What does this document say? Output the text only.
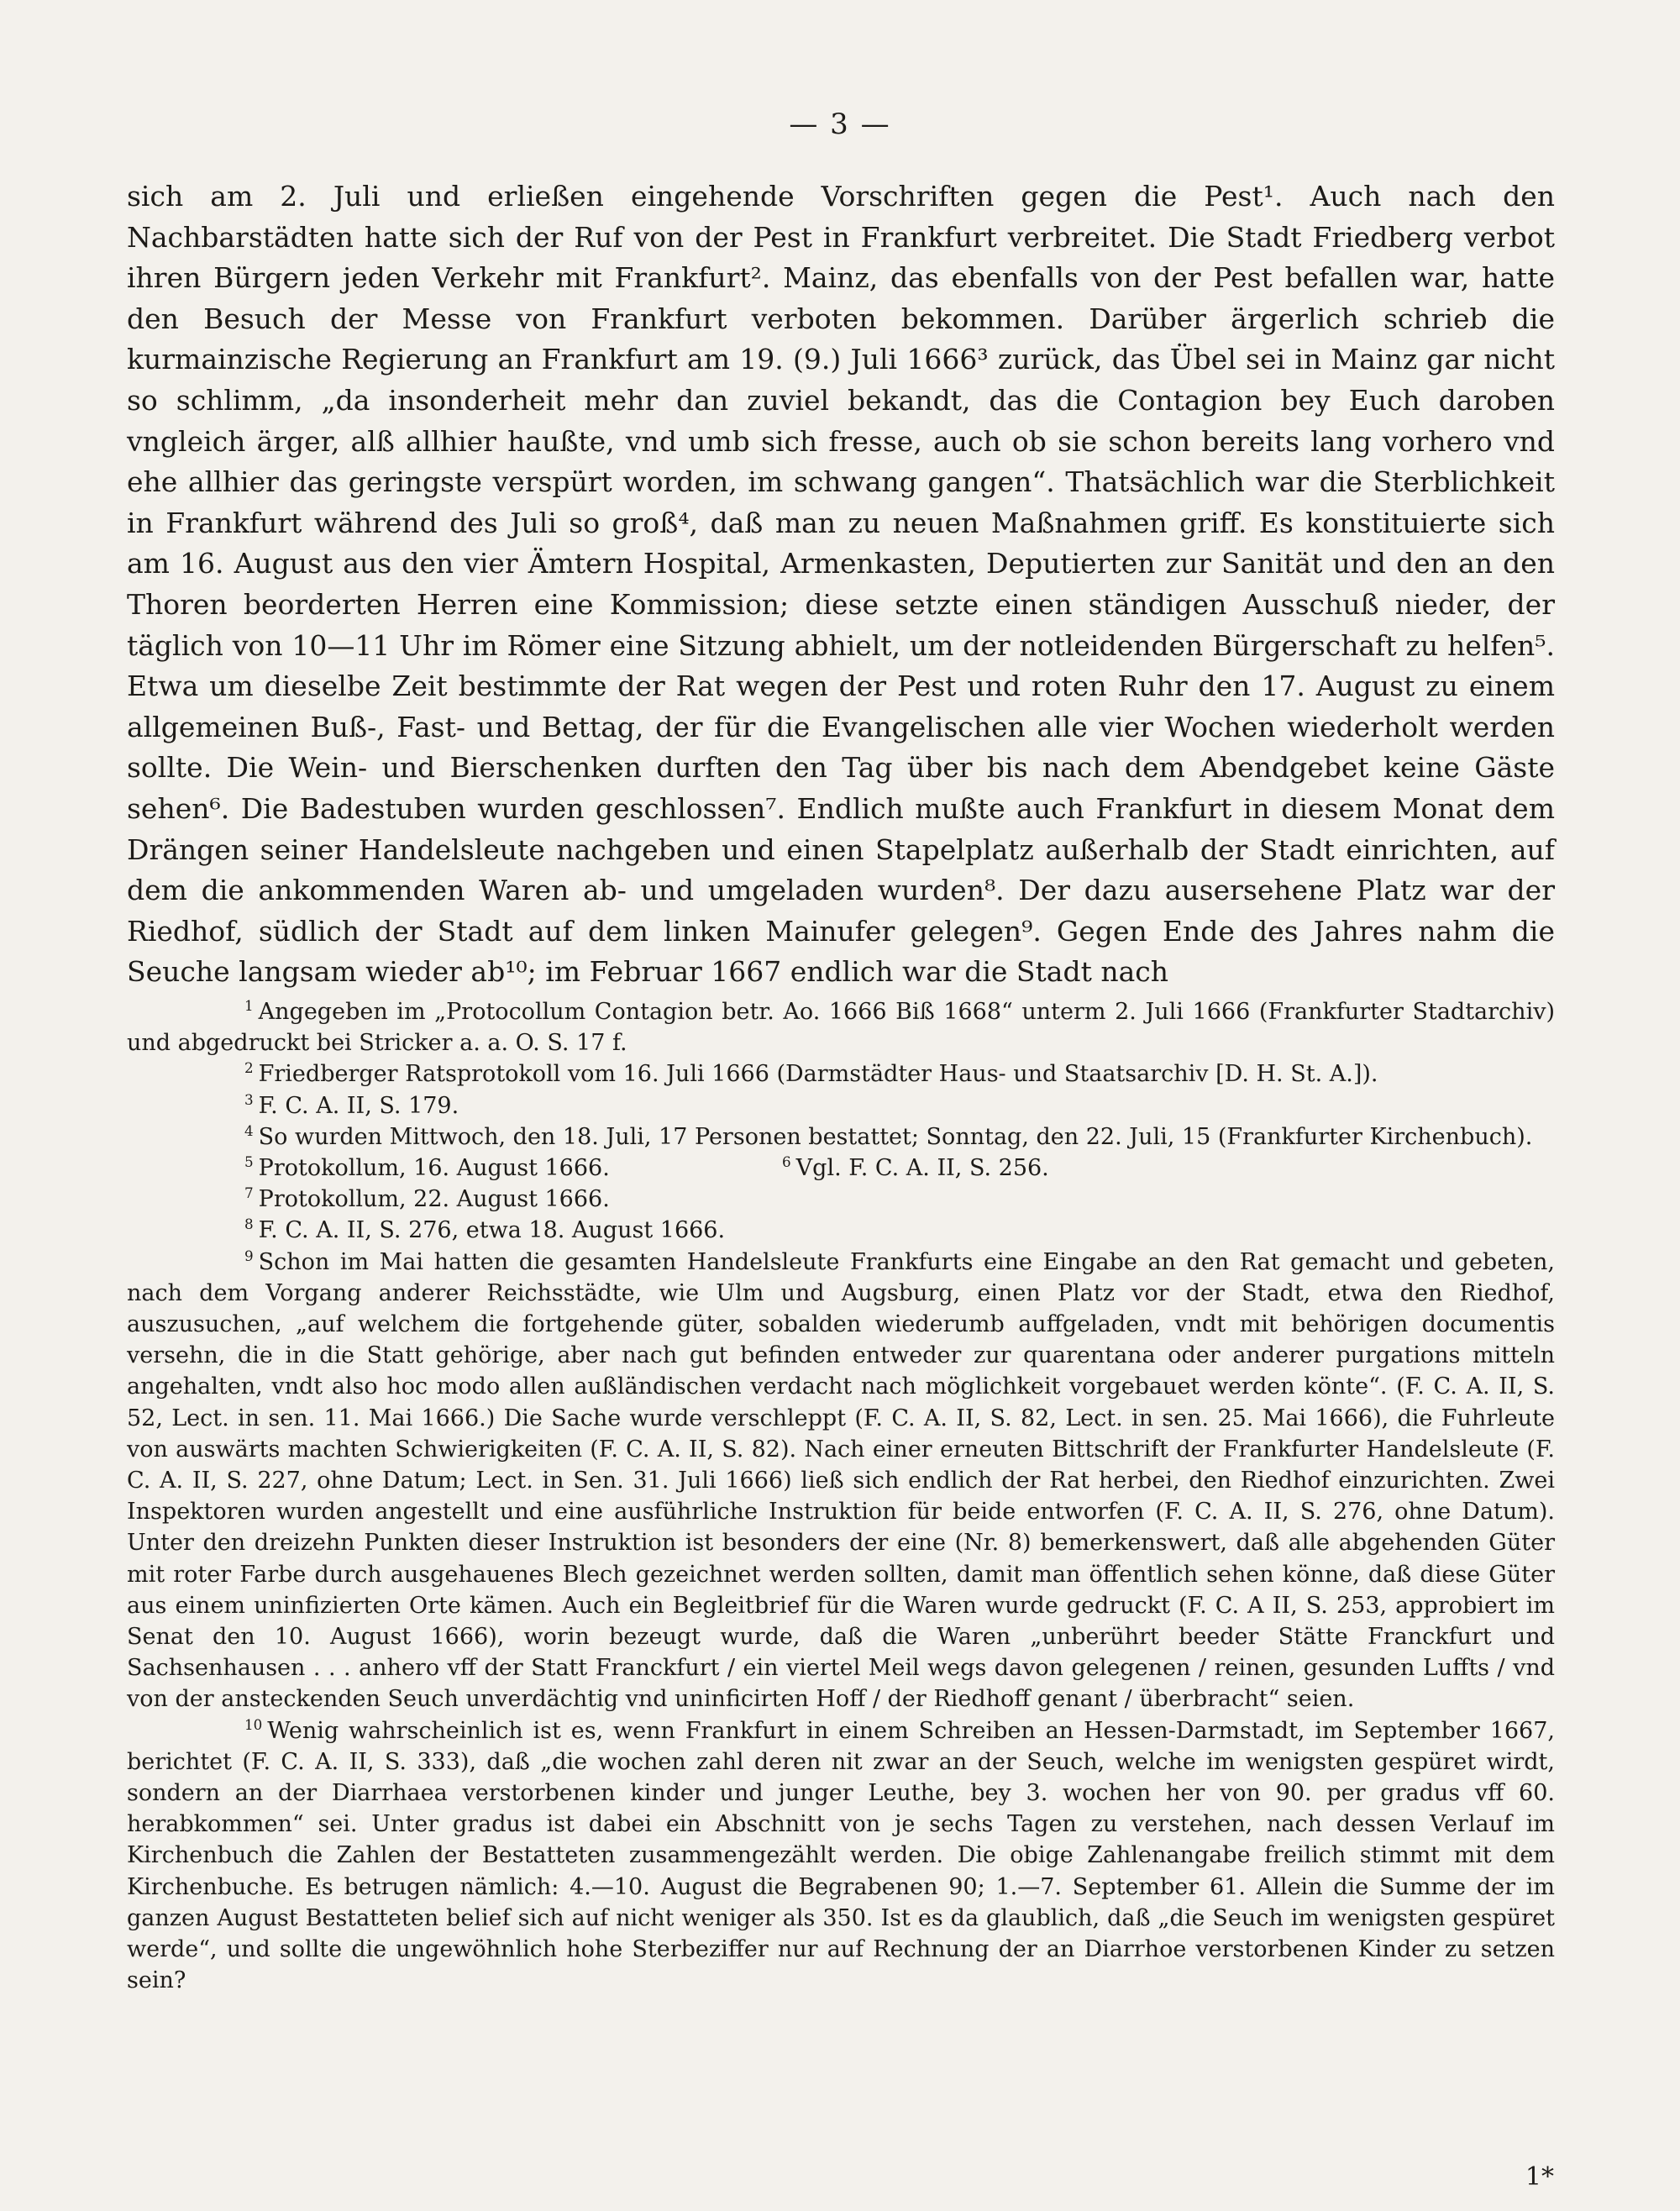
— 3 —

sich am 2. Juli und erließen eingehende Vorschriften gegen die Pest¹. Auch nach den Nachbarstädten hatte sich der Ruf von der Pest in Frankfurt verbreitet. Die Stadt Friedberg verbot ihren Bürgern jeden Verkehr mit Frankfurt². Mainz, das ebenfalls von der Pest befallen war, hatte den Besuch der Messe von Frankfurt verboten bekommen. Darüber ärgerlich schrieb die kurmainzische Regierung an Frankfurt am 19. (9.) Juli 1666³ zurück, das Übel sei in Mainz gar nicht so schlimm, „da insonderheit mehr dan zuviel bekandt, das die Contagion bey Euch daroben vngleich ärger, alß allhier haußte, vnd umb sich fresse, auch ob sie schon bereits lang vorhero vnd ehe allhier das geringste verspürt worden, im schwang gangen“. Thatsächlich war die Sterblichkeit in Frankfurt während des Juli so groß⁴, daß man zu neuen Maßnahmen griff. Es konstituierte sich am 16. August aus den vier Ämtern Hospital, Armenkasten, Deputierten zur Sanität und den an den Thoren beorderten Herren eine Kommission; diese setzte einen ständigen Ausschuß nieder, der täglich von 10—11 Uhr im Römer eine Sitzung abhielt, um der notleidenden Bürgerschaft zu helfen⁵. Etwa um dieselbe Zeit bestimmte der Rat wegen der Pest und roten Ruhr den 17. August zu einem allgemeinen Buß-, Fast- und Bettag, der für die Evangelischen alle vier Wochen wiederholt werden sollte. Die Wein- und Bierschenken durften den Tag über bis nach dem Abendgebet keine Gäste sehen⁶. Die Badestuben wurden geschlossen⁷. Endlich mußte auch Frankfurt in diesem Monat dem Drängen seiner Handelsleute nachgeben und einen Stapelplatz außerhalb der Stadt einrichten, auf dem die ankommenden Waren ab- und umgeladen wurden⁸. Der dazu ausersehene Platz war der Riedhof, südlich der Stadt auf dem linken Mainufer gelegen⁹. Gegen Ende des Jahres nahm die Seuche langsam wieder ab¹⁰; im Februar 1667 endlich war die Stadt nach

$^1$ Angegeben im „Protocollum Contagion betr. Ao. 1666 Biß 1668“ unterm 2. Juli 1666 (Frankfurter Stadtarchiv) und abgedruckt bei Stricker a. a. O. S. 17 f.

$^2$ Friedberger Ratsprotokoll vom 16. Juli 1666 (Darmstädter Haus- und Staatsarchiv [D. H. St. A.]).

$^3$ F. C. A. II, S. 179.

$^4$ So wurden Mittwoch, den 18. Juli, 17 Personen bestattet; Sonntag, den 22. Juli, 15 (Frankfurter Kirchenbuch).

$^5$ Protokollum, 16. August 1666.	$^6$ Vgl. F. C. A. II, S. 256.

$^7$ Protokollum, 22. August 1666.

$^8$ F. C. A. II, S. 276, etwa 18. August 1666.

$^9$ Schon im Mai hatten die gesamten Handelsleute Frankfurts eine Eingabe an den Rat gemacht und gebeten, nach dem Vorgang anderer Reichsstädte, wie Ulm und Augsburg, einen Platz vor der Stadt, etwa den Riedhof, auszusuchen, „auf welchem die fortgehende güter, sobalden wiederumb auffgeladen, vndt mit behörigen documentis versehn, die in die Statt gehörige, aber nach gut befinden entweder zur quarentana oder anderer purgations mitteln angehalten, vndt also hoc modo allen außländischen verdacht nach möglichkeit vorgebauet werden könte“. (F. C. A. II, S. 52, Lect. in sen. 11. Mai 1666.) Die Sache wurde verschleppt (F. C. A. II, S. 82, Lect. in sen. 25. Mai 1666), die Fuhrleute von auswärts machten Schwierigkeiten (F. C. A. II, S. 82). Nach einer erneuten Bittschrift der Frankfurter Handelsleute (F. C. A. II, S. 227, ohne Datum; Lect. in Sen. 31. Juli 1666) ließ sich endlich der Rat herbei, den Riedhof einzurichten. Zwei Inspektoren wurden angestellt und eine ausführliche Instruktion für beide entworfen (F. C. A. II, S. 276, ohne Datum). Unter den dreizehn Punkten dieser Instruktion ist besonders der eine (Nr. 8) bemerkenswert, daß alle abgehenden Güter mit roter Farbe durch ausgehauenes Blech gezeichnet werden sollten, damit man öffentlich sehen könne, daß diese Güter aus einem uninfizierten Orte kämen. Auch ein Begleitbrief für die Waren wurde gedruckt (F. C. A II, S. 253, approbiert im Senat den 10. August 1666), worin bezeugt wurde, daß die Waren „unberührt beeder Stätte Franckfurt und Sachsenhausen . . . anhero vff der Statt Franckfurt / ein viertel Meil wegs davon gelegenen / reinen, gesunden Luffts / vnd von der ansteckenden Seuch unverdächtig vnd uninficirten Hoff / der Riedhoff genant / überbracht“ seien.

$^{10}$ Wenig wahrscheinlich ist es, wenn Frankfurt in einem Schreiben an Hessen-Darmstadt, im September 1667, berichtet (F. C. A. II, S. 333), daß „die wochen zahl deren nit zwar an der Seuch, welche im wenigsten gespüret wirdt, sondern an der Diarrhaea verstorbenen kinder und junger Leuthe, bey 3. wochen her von 90. per gradus vff 60. herabkommen“ sei. Unter gradus ist dabei ein Abschnitt von je sechs Tagen zu verstehen, nach dessen Verlauf im Kirchenbuch die Zahlen der Bestatteten zusammengezählt werden. Die obige Zahlenangabe freilich stimmt mit dem Kirchenbuche. Es betrugen nämlich: 4.—10. August die Begrabenen 90; 1.—7. September 61. Allein die Summe der im ganzen August Bestatteten belief sich auf nicht weniger als 350. Ist es da glaublich, daß „die Seuch im wenigsten gespüret werde“, und sollte die ungewöhnlich hohe Sterbeziffer nur auf Rechnung der an Diarrhoe verstorbenen Kinder zu setzen sein?

1*
